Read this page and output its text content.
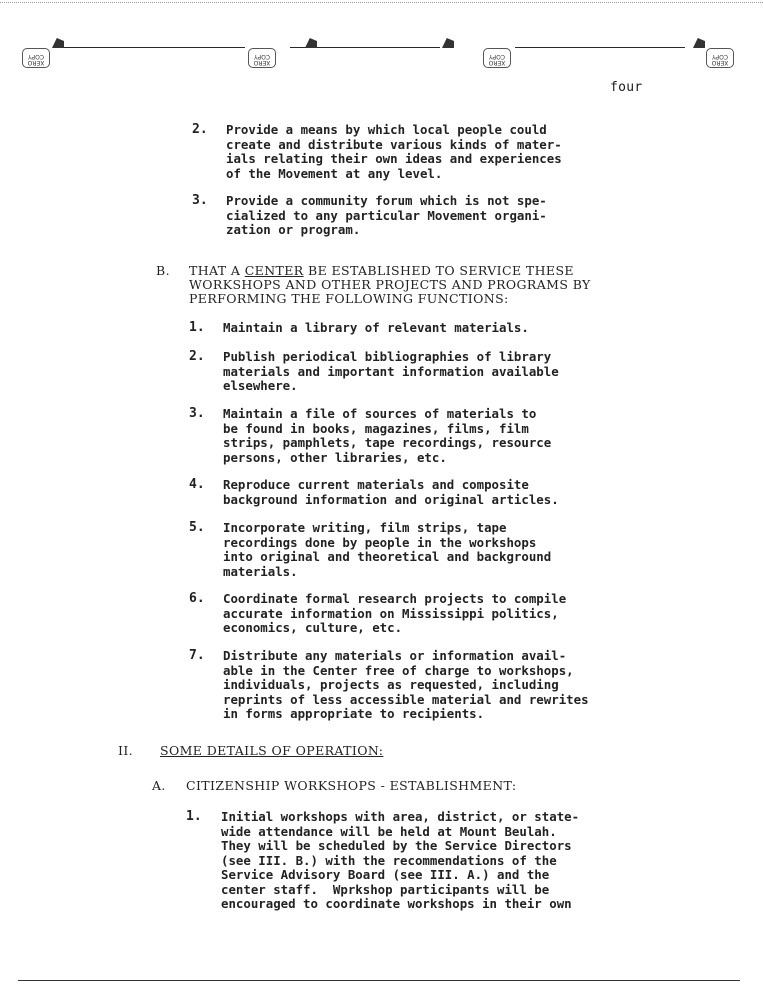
XERO COPY
XERO COPY
XERO COPY
XERO COPY
four
2. Provide a means by which local people could
create and distribute various kinds of mater-
ials relating their own ideas and experiences
of the Movement at any level.
3. Provide a community forum which is not spe-
cialized to any particular Movement organi-
zation or program.
B. THAT A CENTER BE ESTABLISHED TO SERVICE THESE
WORKSHOPS AND OTHER PROJECTS AND PROGRAMS BY
PERFORMING THE FOLLOWING FUNCTIONS:
1. Maintain a library of relevant materials.
2. Publish periodical bibliographies of library
materials and important information available
elsewhere.
3. Maintain a file of sources of materials to
be found in books, magazines, films, film
strips, pamphlets, tape recordings, resource
persons, other libraries, etc.
4. Reproduce current materials and composite
background information and original articles.
5. Incorporate writing, film strips, tape
recordings done by people in the workshops
into original and theoretical and background
materials.
6. Coordinate formal research projects to compile
accurate information on Mississippi politics,
economics, culture, etc.
7. Distribute any materials or information avail-
able in the Center free of charge to workshops,
individuals, projects as requested, including
reprints of less accessible material and rewrites
in forms appropriate to recipients.
II. SOME DETAILS OF OPERATION:
A. CITIZENSHIP WORKSHOPS - ESTABLISHMENT:
1. Initial workshops with area, district, or state-
wide attendance will be held at Mount Beulah.
They will be scheduled by the Service Directors
(see III. B.) with the recommendations of the
Service Advisory Board (see III. A.) and the
center staff.  Wprkshop participants will be
encouraged to coordinate workshops in their own
